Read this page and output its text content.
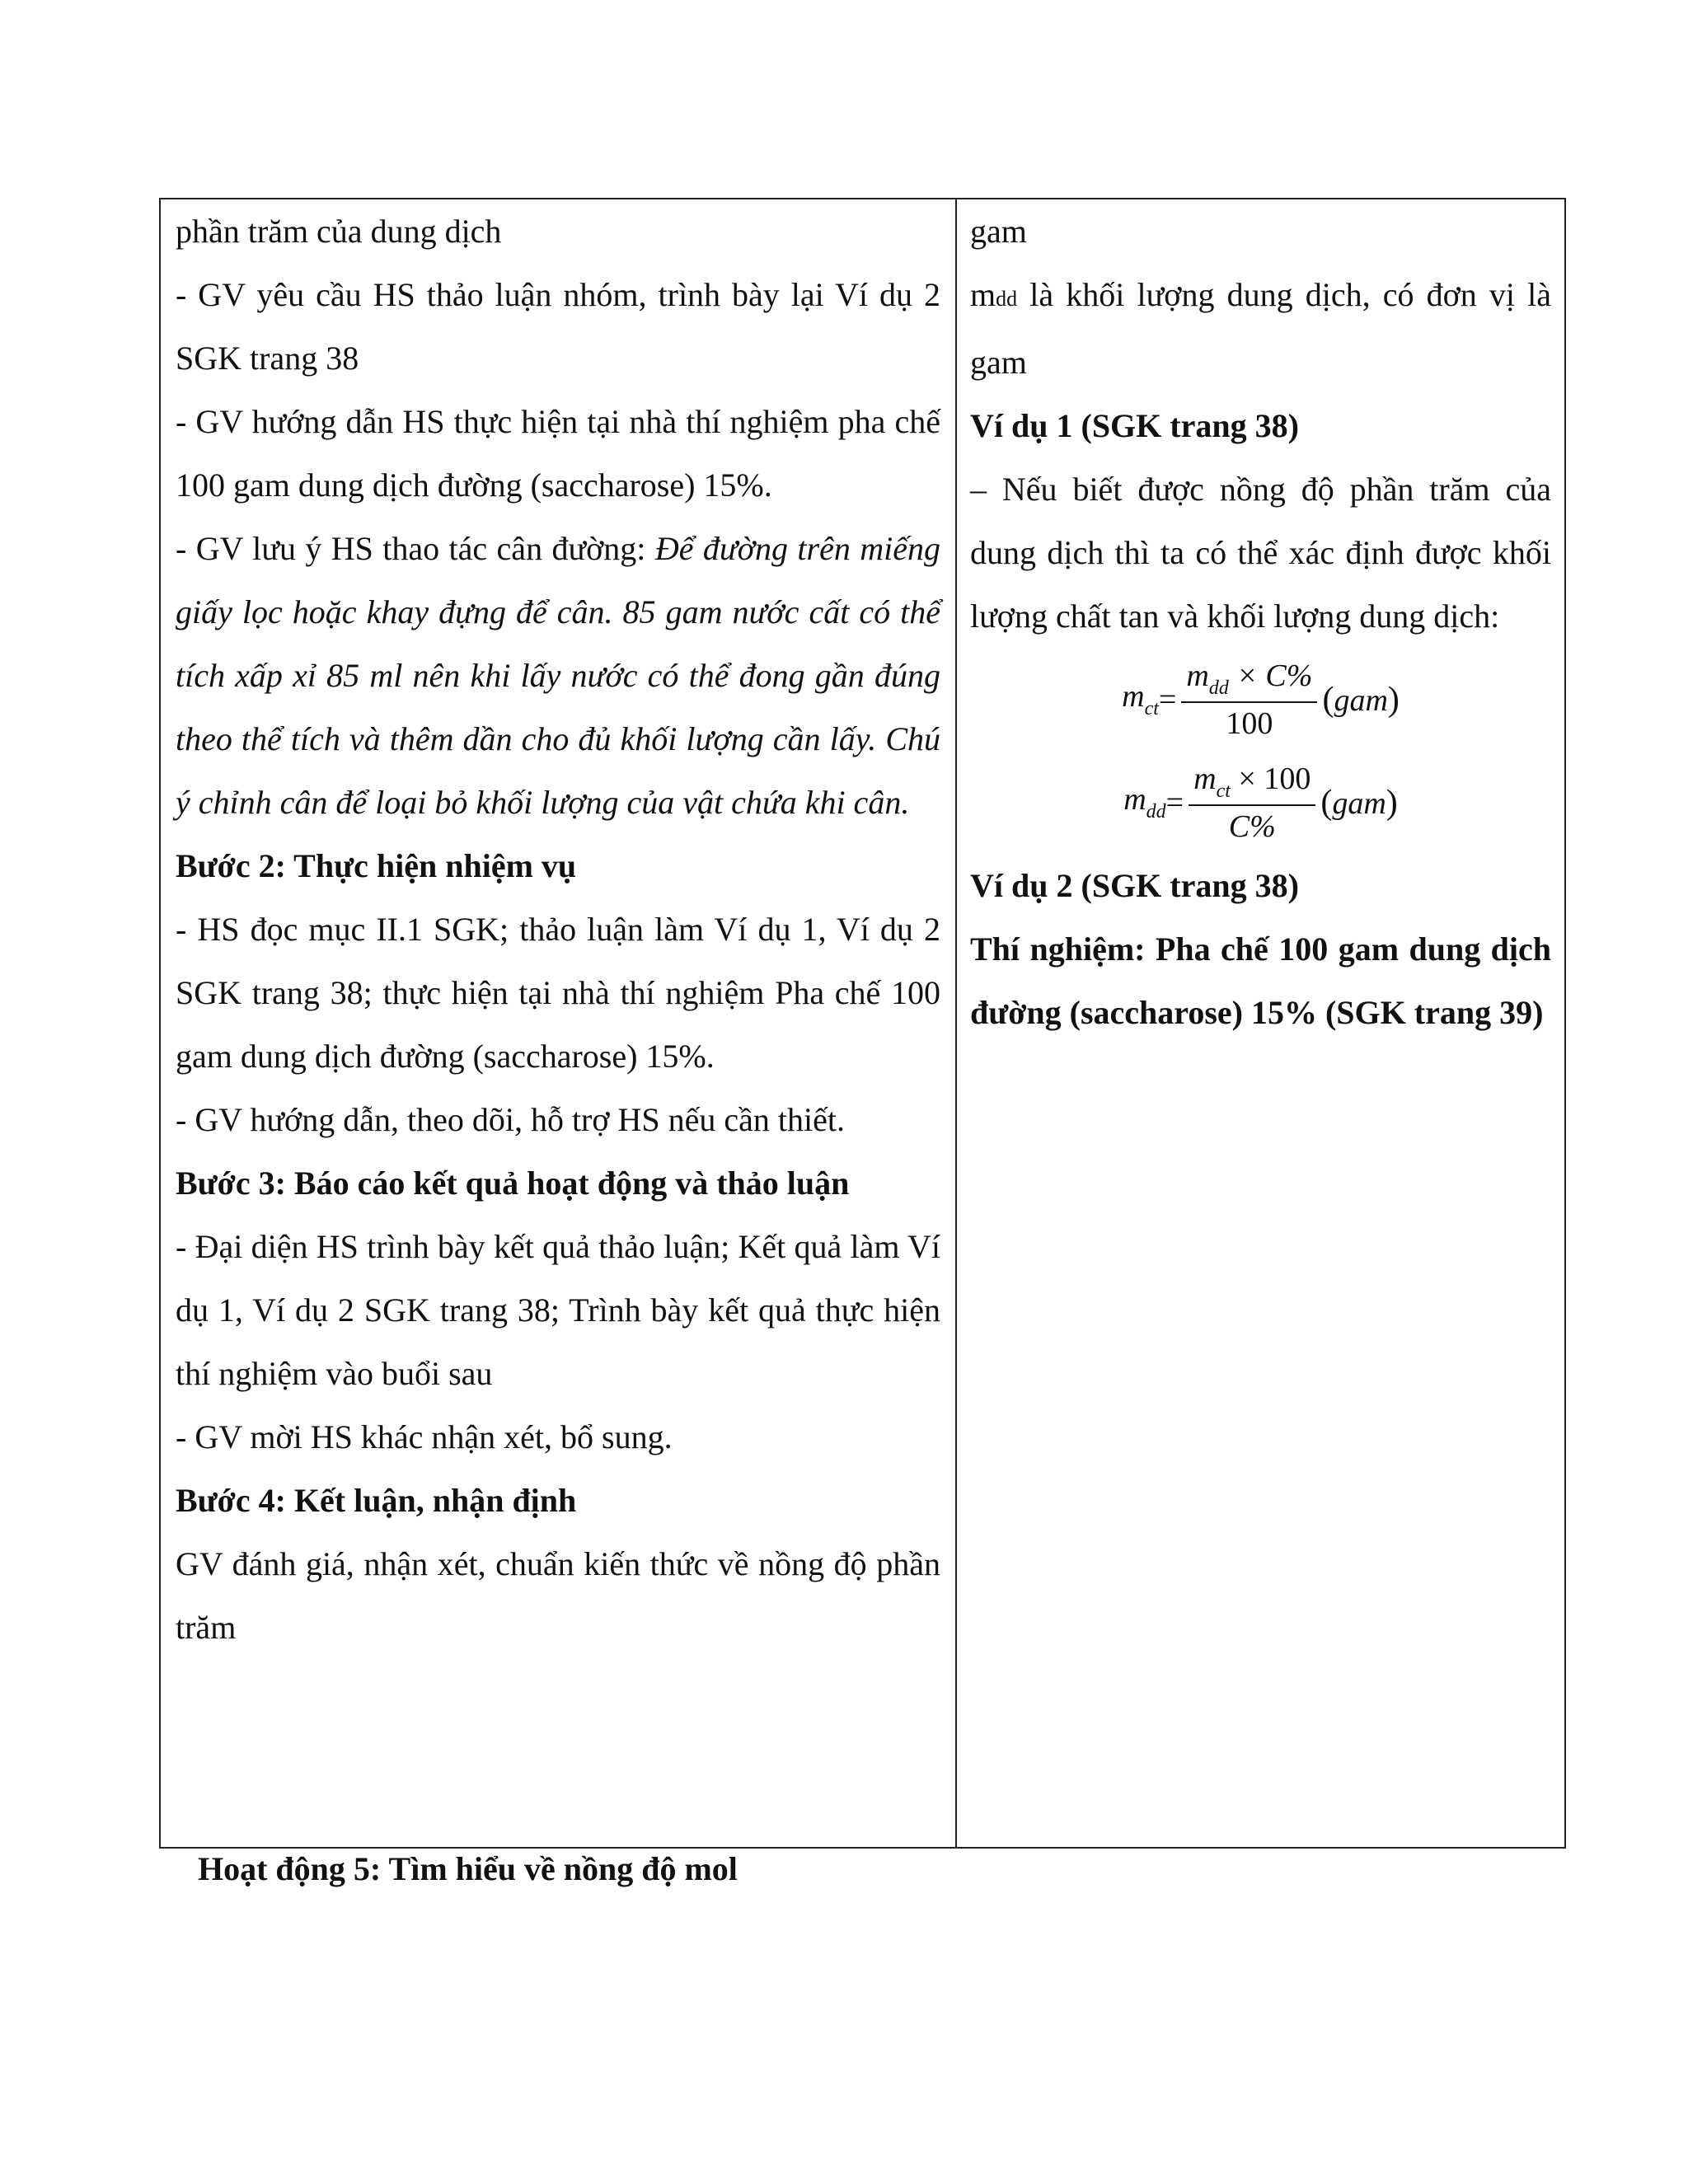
phần trăm của dung dịch

- GV yêu cầu HS thảo luận nhóm, trình bày lại Ví dụ 2 SGK trang 38

- GV hướng dẫn HS thực hiện tại nhà thí nghiệm pha chế 100 gam dung dịch đường (saccharose) 15%.

- GV lưu ý HS thao tác cân đường: Để đường trên miếng giấy lọc hoặc khay đựng để cân. 85 gam nước cất có thể tích xấp xỉ 85 ml nên khi lấy nước có thể đong gần đúng theo thể tích và thêm dần cho đủ khối lượng cần lấy. Chú ý chỉnh cân để loại bỏ khối lượng của vật chứa khi cân.

Bước 2: Thực hiện nhiệm vụ

- HS đọc mục II.1 SGK; thảo luận làm Ví dụ 1, Ví dụ 2 SGK trang 38; thực hiện tại nhà thí nghiệm Pha chế 100 gam dung dịch đường (saccharose) 15%.

- GV hướng dẫn, theo dõi, hỗ trợ HS nếu cần thiết.

Bước 3: Báo cáo kết quả hoạt động và thảo luận

- Đại diện HS trình bày kết quả thảo luận; Kết quả làm Ví dụ 1, Ví dụ 2 SGK trang 38; Trình bày kết quả thực hiện thí nghiệm vào buổi sau

- GV mời HS khác nhận xét, bổ sung.

Bước 4: Kết luận, nhận định

GV đánh giá, nhận xét, chuẩn kiến thức về nồng độ phần trăm

gam

mdd là khối lượng dung dịch, có đơn vị là gam

Ví dụ 1 (SGK trang 38)

– Nếu biết được nồng độ phần trăm của dung dịch thì ta có thể xác định được khối lượng chất tan và khối lượng dung dịch:

$m_{ct} = \frac{m_{dd} \times C\%}{100} (gam)$
$m_{dd} = \frac{m_{ct} \times 100}{C\%} (gam)$

Ví dụ 2 (SGK trang 38)

Thí nghiệm: Pha chế 100 gam dung dịch đường (saccharose) 15% (SGK trang 39)

Hoạt động 5: Tìm hiểu về nồng độ mol
